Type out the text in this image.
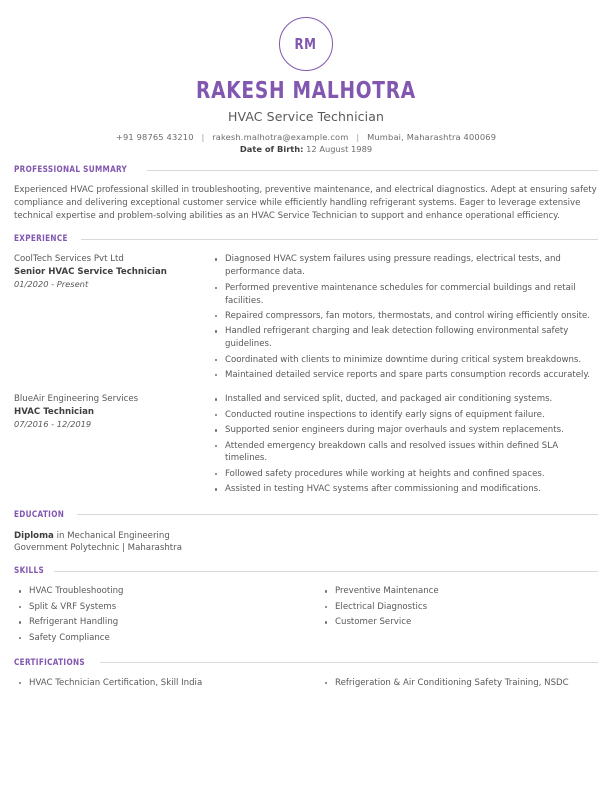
RM
RAKESH MALHOTRA
HVAC Service Technician
+91 98765 43210 | rakesh.malhotra@example.com | Mumbai, Maharashtra 400069
Date of Birth: 12 August 1989
PROFESSIONAL SUMMARY
Experienced HVAC professional skilled in troubleshooting, preventive maintenance, and electrical diagnostics. Adept at ensuring safety compliance and delivering exceptional customer service while efficiently handling refrigerant systems. Eager to leverage extensive technical expertise and problem-solving abilities as an HVAC Service Technician to support and enhance operational efficiency.
EXPERIENCE
CoolTech Services Pvt Ltd
Senior HVAC Service Technician
01/2020 - Present
Diagnosed HVAC system failures using pressure readings, electrical tests, and performance data.
Performed preventive maintenance schedules for commercial buildings and retail facilities.
Repaired compressors, fan motors, thermostats, and control wiring efficiently onsite.
Handled refrigerant charging and leak detection following environmental safety guidelines.
Coordinated with clients to minimize downtime during critical system breakdowns.
Maintained detailed service reports and spare parts consumption records accurately.
BlueAir Engineering Services
HVAC Technician
07/2016 - 12/2019
Installed and serviced split, ducted, and packaged air conditioning systems.
Conducted routine inspections to identify early signs of equipment failure.
Supported senior engineers during major overhauls and system replacements.
Attended emergency breakdown calls and resolved issues within defined SLA timelines.
Followed safety procedures while working at heights and confined spaces.
Assisted in testing HVAC systems after commissioning and modifications.
EDUCATION
Diploma in Mechanical Engineering
Government Polytechnic | Maharashtra
SKILLS
HVAC Troubleshooting
Split & VRF Systems
Refrigerant Handling
Safety Compliance
Preventive Maintenance
Electrical Diagnostics
Customer Service
CERTIFICATIONS
HVAC Technician Certification, Skill India	Refrigeration & Air Conditioning Safety Training, NSDC
